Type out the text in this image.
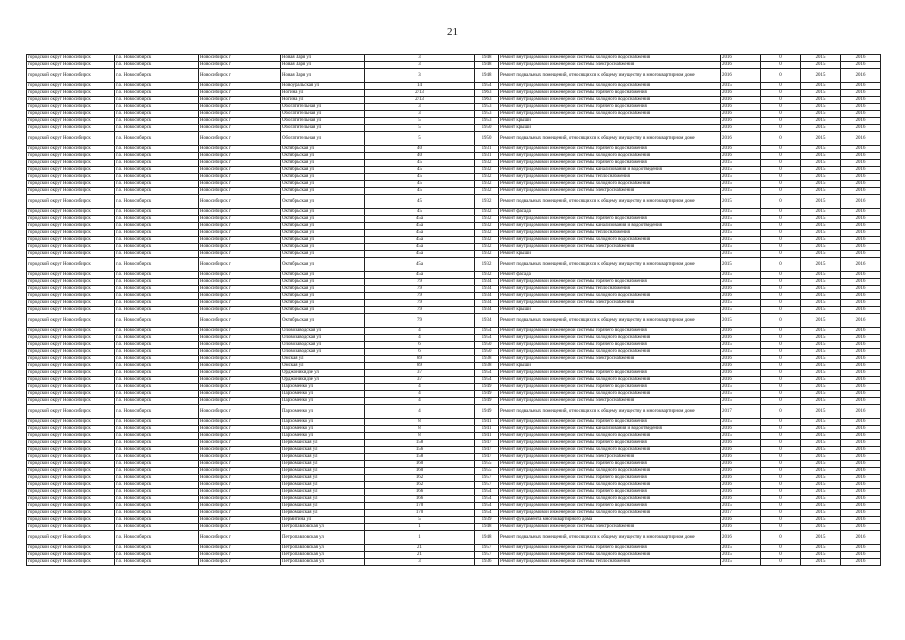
21
городской округ Новосибирск	г.о. Новосибирск	Новосибирск г	Новая Заря ул	3	1948	Ремонт внутридомовой инженерной системы холодного водоснабжения	2016	0	2015	2016
городской округ Новосибирск	г.о. Новосибирск	Новосибирск г	Новая Заря ул	3	1948	Ремонт внутридомовой инженерной системы электроснабжения	2016	0	2015	2016
городской округ Новосибирск	г.о. Новосибирск	Новосибирск г	Новая Заря ул	3	1948	Ремонт подвальных помещений, относящихся к общему имуществу в многоквартирном доме	2016	0	2015	2016
городской округ Новосибирск	г.о. Новосибирск	Новосибирск г	Новоуральская ул	14	1954	Ремонт внутридомовой инженерной системы холодного водоснабжения	2015	0	2015	2016
городской округ Новосибирск	г.о. Новосибирск	Новосибирск г	Ногина ул	2/13	1963	Ремонт внутридомовой инженерной системы горячего водоснабжения	2016	0	2015	2016
городской округ Новосибирск	г.о. Новосибирск	Новосибирск г	Ногина ул	2/13	1963	Ремонт внутридомовой инженерной системы холодного водоснабжения	2016	0	2015	2016
городской округ Новосибирск	г.о. Новосибирск	Новосибирск г	Обогатительная ул	3	1953	Ремонт внутридомовой инженерной системы горячего водоснабжения	2016	0	2015	2016
городской округ Новосибирск	г.о. Новосибирск	Новосибирск г	Обогатительная ул	3	1953	Ремонт внутридомовой инженерной системы холодного водоснабжения	2016	0	2015	2016
городской округ Новосибирск	г.о. Новосибирск	Новосибирск г	Обогатительная ул	5	1953	Ремонт крыши	2016	0	2015	2016
городской округ Новосибирск	г.о. Новосибирск	Новосибирск г	Обогатительная ул	5	1950	Ремонт крыши	2016	0	2015	2016
городской округ Новосибирск	г.о. Новосибирск	Новосибирск г	Обогатительная ул	5	1950	Ремонт подвальных помещений, относящихся к общему имуществу в многоквартирном доме	2016	0	2015	2016
городской округ Новосибирск	г.о. Новосибирск	Новосибирск г	Октябрьская ул	40	1931	Ремонт внутридомовой инженерной системы горячего водоснабжения	2016	0	2015	2016
городской округ Новосибирск	г.о. Новосибирск	Новосибирск г	Октябрьская ул	40	1931	Ремонт внутридомовой инженерной системы холодного водоснабжения	2016	0	2015	2016
городской округ Новосибирск	г.о. Новосибирск	Новосибирск г	Октябрьская ул	45	1932	Ремонт внутридомовой инженерной системы горячего водоснабжения	2015	0	2015	2016
городской округ Новосибирск	г.о. Новосибирск	Новосибирск г	Октябрьская ул	45	1932	Ремонт внутридомовой инженерной системы канализования и водоотведения	2015	0	2015	2016
городской округ Новосибирск	г.о. Новосибирск	Новосибирск г	Октябрьская ул	45	1932	Ремонт внутридомовой инженерной системы теплоснабжения	2015	0	2015	2016
городской округ Новосибирск	г.о. Новосибирск	Новосибирск г	Октябрьская ул	45	1932	Ремонт внутридомовой инженерной системы холодного водоснабжения	2015	0	2015	2016
городской округ Новосибирск	г.о. Новосибирск	Новосибирск г	Октябрьская ул	45	1932	Ремонт внутридомовой инженерной системы электроснабжения	2015	0	2015	2016
городской округ Новосибирск	г.о. Новосибирск	Новосибирск г	Октябрьская ул	45	1932	Ремонт подвальных помещений, относящихся к общему имуществу в многоквартирном доме	2015	0	2015	2016
городской округ Новосибирск	г.о. Новосибирск	Новосибирск г	Октябрьская ул	45	1932	Ремонт фасада	2015	0	2015	2016
городской округ Новосибирск	г.о. Новосибирск	Новосибирск г	Октябрьская ул	45а	1932	Ремонт внутридомовой инженерной системы горячего водоснабжения	2015	0	2015	2016
городской округ Новосибирск	г.о. Новосибирск	Новосибирск г	Октябрьская ул	45а	1932	Ремонт внутридомовой инженерной системы канализования и водоотведения	2015	0	2015	2016
городской округ Новосибирск	г.о. Новосибирск	Новосибирск г	Октябрьская ул	45а	1932	Ремонт внутридомовой инженерной системы теплоснабжения	2015	0	2015	2016
городской округ Новосибирск	г.о. Новосибирск	Новосибирск г	Октябрьская ул	45а	1932	Ремонт внутридомовой инженерной системы холодного водоснабжения	2015	0	2015	2016
городской округ Новосибирск	г.о. Новосибирск	Новосибирск г	Октябрьская ул	45а	1932	Ремонт внутридомовой инженерной системы электроснабжения	2015	0	2015	2016
городской округ Новосибирск	г.о. Новосибирск	Новосибирск г	Октябрьская ул	45а	1932	Ремонт крыши	2015	0	2015	2016
городской округ Новосибирск	г.о. Новосибирск	Новосибирск г	Октябрьская ул	45а	1932	Ремонт подвальных помещений, относящихся к общему имуществу в многоквартирном доме	2015	0	2015	2016
городской округ Новосибирск	г.о. Новосибирск	Новосибирск г	Октябрьская ул	45а	1932	Ремонт фасада	2015	0	2015	2016
городской округ Новосибирск	г.о. Новосибирск	Новосибирск г	Октябрьская ул	79	1934	Ремонт внутридомовой инженерной системы горячего водоснабжения	2015	0	2015	2016
городской округ Новосибирск	г.о. Новосибирск	Новосибирск г	Октябрьская ул	79	1934	Ремонт внутридомовой инженерной системы теплоснабжения	2016	0	2015	2016
городской округ Новосибирск	г.о. Новосибирск	Новосибирск г	Октябрьская ул	79	1934	Ремонт внутридомовой инженерной системы холодного водоснабжения	2016	0	2015	2016
городской округ Новосибирск	г.о. Новосибирск	Новосибирск г	Октябрьская ул	79	1934	Ремонт внутридомовой инженерной системы электроснабжения	2015	0	2015	2016
городской округ Новосибирск	г.о. Новосибирск	Новосибирск г	Октябрьская ул	79	1934	Ремонт крыши	2015	0	2015	2016
городской округ Новосибирск	г.о. Новосибирск	Новосибирск г	Октябрьская ул	79	1934	Ремонт подвальных помещений, относящихся к общему имуществу в многоквартирном доме	2015	0	2015	2016
городской округ Новосибирск	г.о. Новосибирск	Новосибирск г	Оловозаводская ул	4	1954	Ремонт внутридомовой инженерной системы горячего водоснабжения	2016	0	2015	2016
городской округ Новосибирск	г.о. Новосибирск	Новосибирск г	Оловозаводская ул	4	1954	Ремонт внутридомовой инженерной системы холодного водоснабжения	2016	0	2015	2016
городской округ Новосибирск	г.о. Новосибирск	Новосибирск г	Оловозаводская ул	6	1950	Ремонт внутридомовой инженерной системы горячего водоснабжения	2015	0	2015	2016
городской округ Новосибирск	г.о. Новосибирск	Новосибирск г	Оловозаводская ул	6	1950	Ремонт внутридомовой инженерной системы холодного водоснабжения	2015	0	2015	2016
городской округ Новосибирск	г.о. Новосибирск	Новосибирск г	Омская ул	89	1938	Ремонт внутридомовой инженерной системы электроснабжения	2016	0	2015	2016
городской округ Новосибирск	г.о. Новосибирск	Новосибирск г	Омская ул	89	1938	Ремонт крыши	2016	0	2015	2016
городской округ Новосибирск	г.о. Новосибирск	Новосибирск г	Орджоникидзе ул	37	1954	Ремонт внутридомовой инженерной системы горячего водоснабжения	2016	0	2015	2016
городской округ Новосибирск	г.о. Новосибирск	Новосибирск г	Орджоникидзе ул	37	1954	Ремонт внутридомовой инженерной системы холодного водоснабжения	2016	0	2015	2016
городской округ Новосибирск	г.о. Новосибирск	Новосибирск г	Пархоменко ул	4	1949	Ремонт внутридомовой инженерной системы горячего водоснабжения	2015	0	2015	2016
городской округ Новосибирск	г.о. Новосибирск	Новосибирск г	Пархоменко ул	4	1949	Ремонт внутридомовой инженерной системы холодного водоснабжения	2015	0	2015	2016
городской округ Новосибирск	г.о. Новосибирск	Новосибирск г	Пархоменко ул	4	1949	Ремонт внутридомовой инженерной системы электроснабжения	2015	0	2015	2016
городской округ Новосибирск	г.о. Новосибирск	Новосибирск г	Пархоменко ул	4	1949	Ремонт подвальных помещений, относящихся к общему имуществу в многоквартирном доме	2017	0	2015	2016
городской округ Новосибирск	г.о. Новосибирск	Новосибирск г	Пархоменко ул	8	1941	Ремонт внутридомовой инженерной системы горячего водоснабжения	2015	0	2015	2016
городской округ Новосибирск	г.о. Новосибирск	Новосибирск г	Пархоменко ул	8	1941	Ремонт внутридомовой инженерной системы канализования и водоотведения	2016	0	2015	2016
городской округ Новосибирск	г.о. Новосибирск	Новосибирск г	Пархоменко ул	8	1941	Ремонт внутридомовой инженерной системы холодного водоснабжения	2015	0	2015	2016
городской округ Новосибирск	г.о. Новосибирск	Новосибирск г	Первомайская ул	158	1947	Ремонт внутридомовой инженерной системы горячего водоснабжения	2016	0	2015	2016
городской округ Новосибирск	г.о. Новосибирск	Новосибирск г	Первомайская ул	156	1947	Ремонт внутридомовой инженерной системы холодного водоснабжения	2016	0	2015	2016
городской округ Новосибирск	г.о. Новосибирск	Новосибирск г	Первомайская ул	158	1947	Ремонт внутридомовой инженерной системы электроснабжения	2016	0	2015	2016
городской округ Новосибирск	г.о. Новосибирск	Новосибирск г	Первомайская ул	160	1955	Ремонт внутридомовой инженерной системы горячего водоснабжения	2016	0	2015	2016
городской округ Новосибирск	г.о. Новосибирск	Новосибирск г	Первомайская ул	160	1955	Ремонт внутридомовой инженерной системы холодного водоснабжения	2016	0	2015	2016
городской округ Новосибирск	г.о. Новосибирск	Новосибирск г	Первомайская ул	162	1957	Ремонт внутридомовой инженерной системы горячего водоснабжения	2016	0	2015	2016
городской округ Новосибирск	г.о. Новосибирск	Новосибирск г	Первомайская ул	162	1957	Ремонт внутридомовой инженерной системы холодного водоснабжения	2016	0	2015	2016
городской округ Новосибирск	г.о. Новосибирск	Новосибирск г	Первомайская ул	166	1954	Ремонт внутридомовой инженерной системы горячего водоснабжения	2016	0	2015	2016
городской округ Новосибирск	г.о. Новосибирск	Новосибирск г	Первомайская ул	166	1954	Ремонт внутридомовой инженерной системы холодного водоснабжения	2016	0	2015	2016
городской округ Новосибирск	г.о. Новосибирск	Новосибирск г	Первомайская ул	170	1954	Ремонт внутридомовой инженерной системы горячего водоснабжения	2015	0	2015	2016
городской округ Новосибирск	г.о. Новосибирск	Новосибирск г	Первомайская ул	170	1954	Ремонт внутридомовой инженерной системы холодного водоснабжения	2017	0	2015	2016
городской округ Новосибирск	г.о. Новосибирск	Новосибирск г	Пермитина ул	5	1939	Ремонт фундамента многоквартирного дома	2016	0	2015	2016
городской округ Новосибирск	г.о. Новосибирск	Новосибирск г	Петропавловская ул	1	1948	Ремонт внутридомовой инженерной системы электроснабжения	2016	0	2015	2016
городской округ Новосибирск	г.о. Новосибирск	Новосибирск г	Петропавловская ул	1	1948	Ремонт подвальных помещений, относящихся к общему имуществу в многоквартирном доме	2016	0	2015	2016
городской округ Новосибирск	г.о. Новосибирск	Новосибирск г	Петропавловская ул	21	1957	Ремонт внутридомовой инженерной системы горячего водоснабжения	2015	0	2015	2016
городской округ Новосибирск	г.о. Новосибирск	Новосибирск г	Петропавловская ул	21	1957	Ремонт внутридомовой инженерной системы холодного водоснабжения	2015	0	2015	2016
городской округ Новосибирск	г.о. Новосибирск	Новосибирск г	Петропавловская ул	3	1936	Ремонт внутридомовой инженерной системы теплоснабжения	2015	0	2015	2016
